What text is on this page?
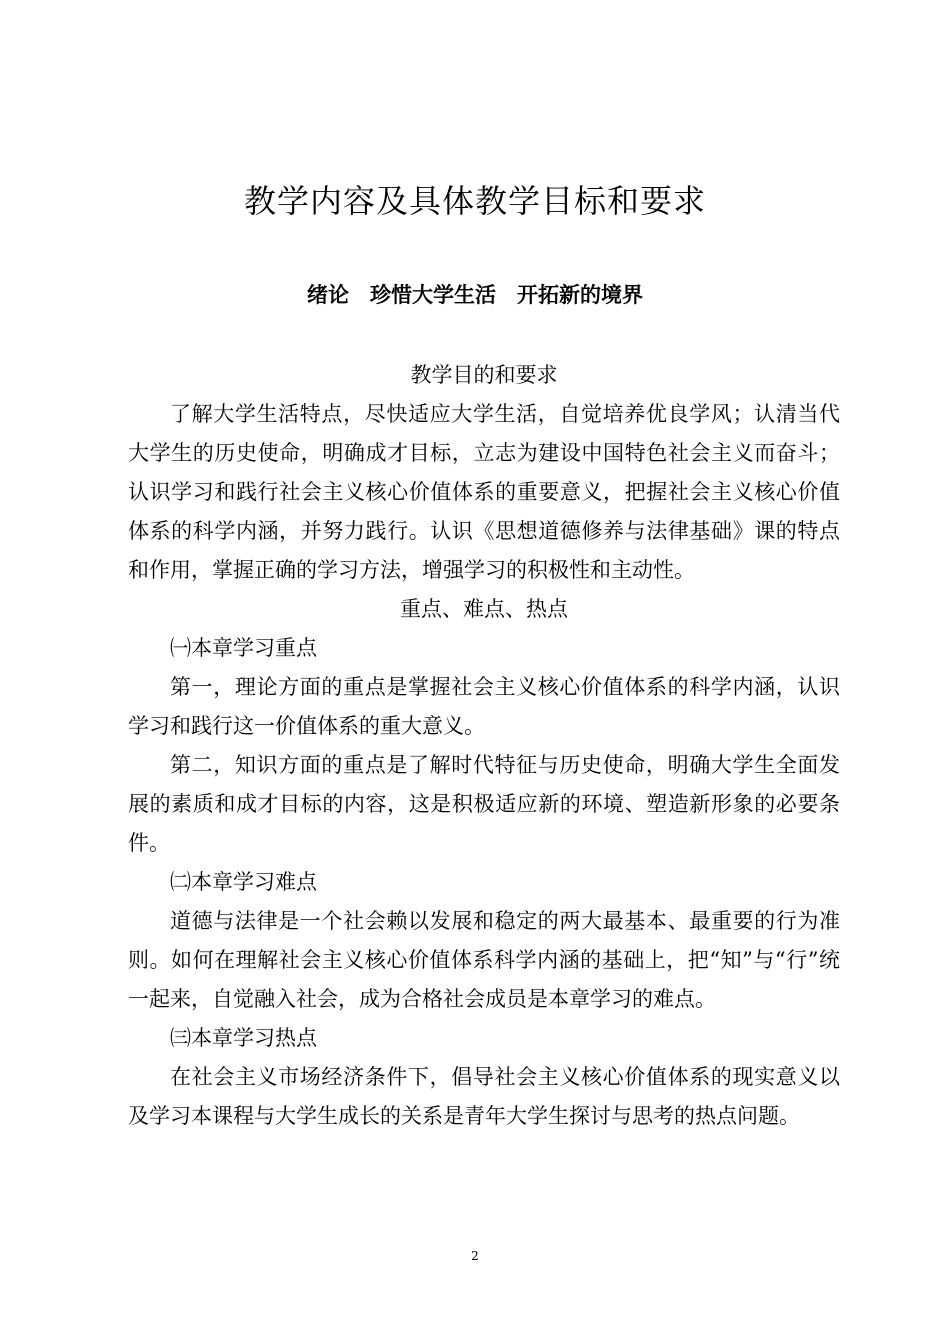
教学内容及具体教学目标和要求
绪论　珍惜大学生活　开拓新的境界

教学目的和要求

了解大学生活特点，尽快适应大学生活，自觉培养优良学风；认清当代大学生的历史使命，明确成才目标，立志为建设中国特色社会主义而奋斗；认识学习和践行社会主义核心价值体系的重要意义，把握社会主义核心价值体系的科学内涵，并努力践行。认识《思想道德修养与法律基础》课的特点和作用，掌握正确的学习方法，增强学习的积极性和主动性。

重点、难点、热点

㈠本章学习重点

第一，理论方面的重点是掌握社会主义核心价值体系的科学内涵，认识学习和践行这一价值体系的重大意义。

第二，知识方面的重点是了解时代特征与历史使命，明确大学生全面发展的素质和成才目标的内容，这是积极适应新的环境、塑造新形象的必要条件。

㈡本章学习难点

道德与法律是一个社会赖以发展和稳定的两大最基本、最重要的行为准则。如何在理解社会主义核心价值体系科学内涵的基础上，把“知”与“行”统一起来，自觉融入社会，成为合格社会成员是本章学习的难点。

㈢本章学习热点

在社会主义市场经济条件下，倡导社会主义核心价值体系的现实意义以及学习本课程与大学生成长的关系是青年大学生探讨与思考的热点问题。

2
